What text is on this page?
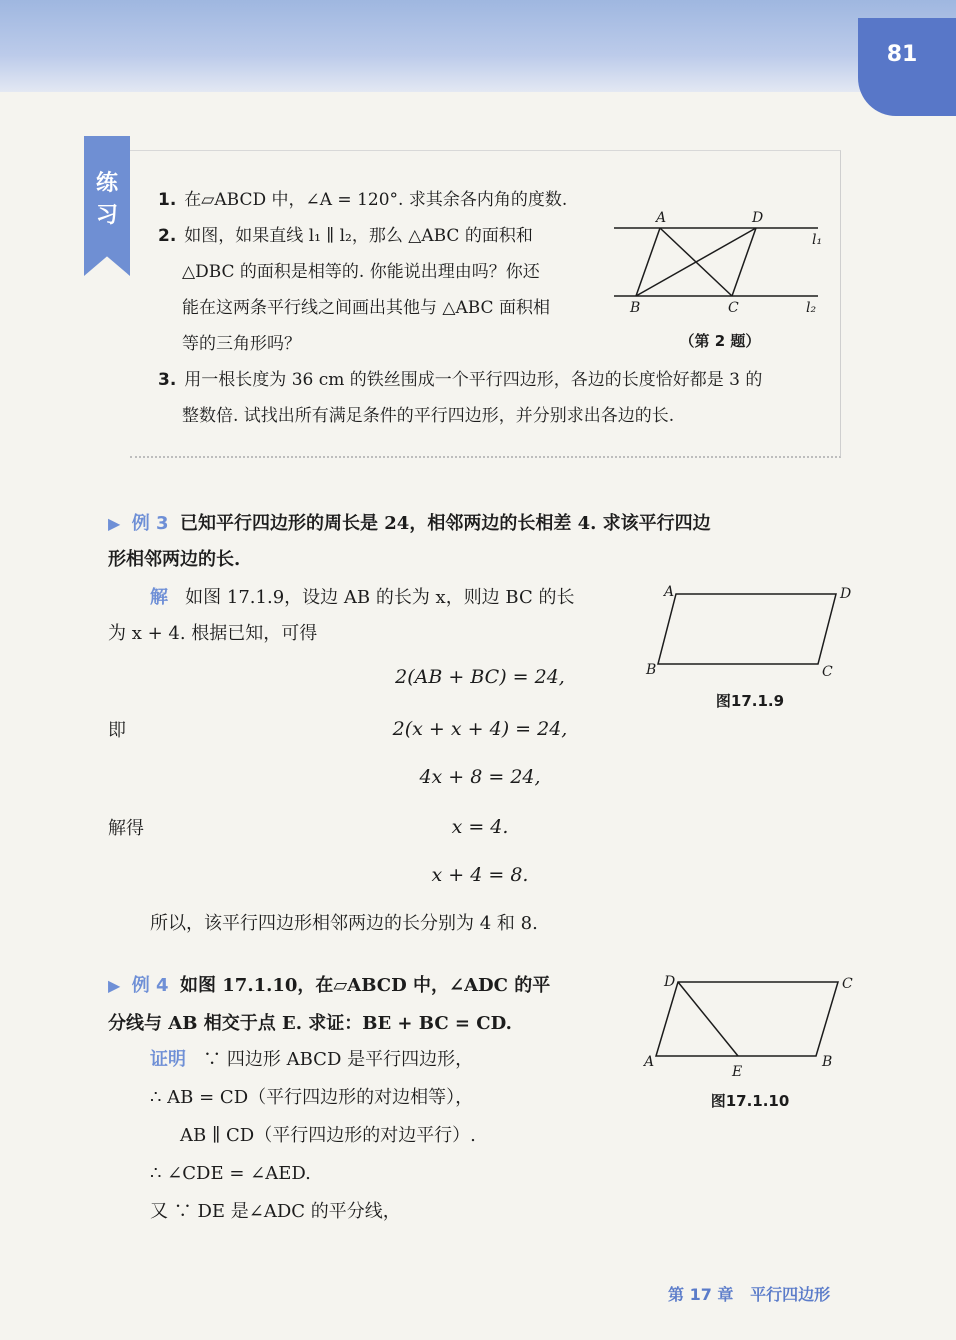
81
练习
1. 在▱ABCD 中，∠A = 120°. 求其余各内角的度数.
2. 如图，如果直线 l₁ ∥ l₂，那么 △ABC 的面积和
△DBC 的面积是相等的. 你能说出理由吗？你还
能在这两条平行线之间画出其他与 △ABC 面积相
等的三角形吗？
3. 用一根长度为 36 cm 的铁丝围成一个平行四边形，各边的长度恰好都是 3 的
整数倍. 试找出所有满足条件的平行四边形，并分别求出各边的长.
A	D
B	C
l₁
l₂
（第 2 题）
▶ 例 3 已知平行四边形的周长是 24，相邻两边的长相差 4. 求该平行四边
形相邻两边的长.
解 如图 17.1.9，设边 AB 的长为 x，则边 BC 的长
为 x + 4. 根据已知，可得
2(AB + BC) = 24,
即	2(x + x + 4) = 24,
4x + 8 = 24,
解得	x = 4.
x + 4 = 8.
所以，该平行四边形相邻两边的长分别为 4 和 8.
A	D
B	C
图17.1.9
▶ 例 4 如图 17.1.10，在▱ABCD 中，∠ADC 的平
分线与 AB 相交于点 E. 求证：BE + BC = CD.
证明 ∵ 四边形 ABCD 是平行四边形，
∴ AB = CD（平行四边形的对边相等），
AB ∥ CD（平行四边形的对边平行）.
∴ ∠CDE = ∠AED.
又 ∵ DE 是∠ADC 的平分线，
D	C
A
E
B
图17.1.10
第 17 章 平行四边形
